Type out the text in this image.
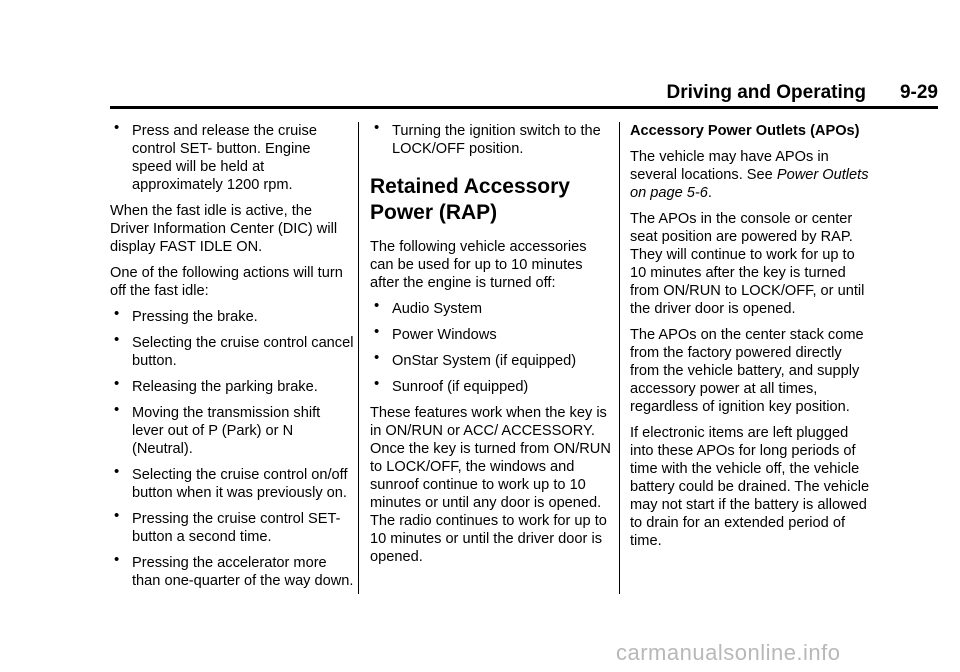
Driving and Operating 9-29
• Press and release the cruise control SET- button. Engine speed will be held at approximately 1200 rpm.

When the fast idle is active, the Driver Information Center (DIC) will display FAST IDLE ON.

One of the following actions will turn off the fast idle:

• Pressing the brake.
• Selecting the cruise control cancel button.
• Releasing the parking brake.
• Moving the transmission shift lever out of P (Park) or N (Neutral).
• Selecting the cruise control on/off button when it was previously on.
• Pressing the cruise control SET- button a second time.
• Pressing the accelerator more than one-quarter of the way down.
• Turning the ignition switch to the LOCK/OFF position.
Retained Accessory Power (RAP)

The following vehicle accessories can be used for up to 10 minutes after the engine is turned off:

• Audio System
• Power Windows
• OnStar System (if equipped)
• Sunroof (if equipped)

These features work when the key is in ON/RUN or ACC/ ACCESSORY. Once the key is turned from ON/RUN to LOCK/OFF, the windows and sunroof continue to work up to 10 minutes or until any door is opened. The radio continues to work for up to 10 minutes or until the driver door is opened.

Accessory Power Outlets (APOs)

The vehicle may have APOs in several locations. See Power Outlets on page 5-6.

The APOs in the console or center seat position are powered by RAP. They will continue to work for up to 10 minutes after the key is turned from ON/RUN to LOCK/OFF, or until the driver door is opened.

The APOs on the center stack come from the factory powered directly from the vehicle battery, and supply accessory power at all times, regardless of ignition key position.

If electronic items are left plugged into these APOs for long periods of time with the vehicle off, the vehicle battery could be drained. The vehicle may not start if the battery is allowed to drain for an extended period of time.

carmanualsonline.info
